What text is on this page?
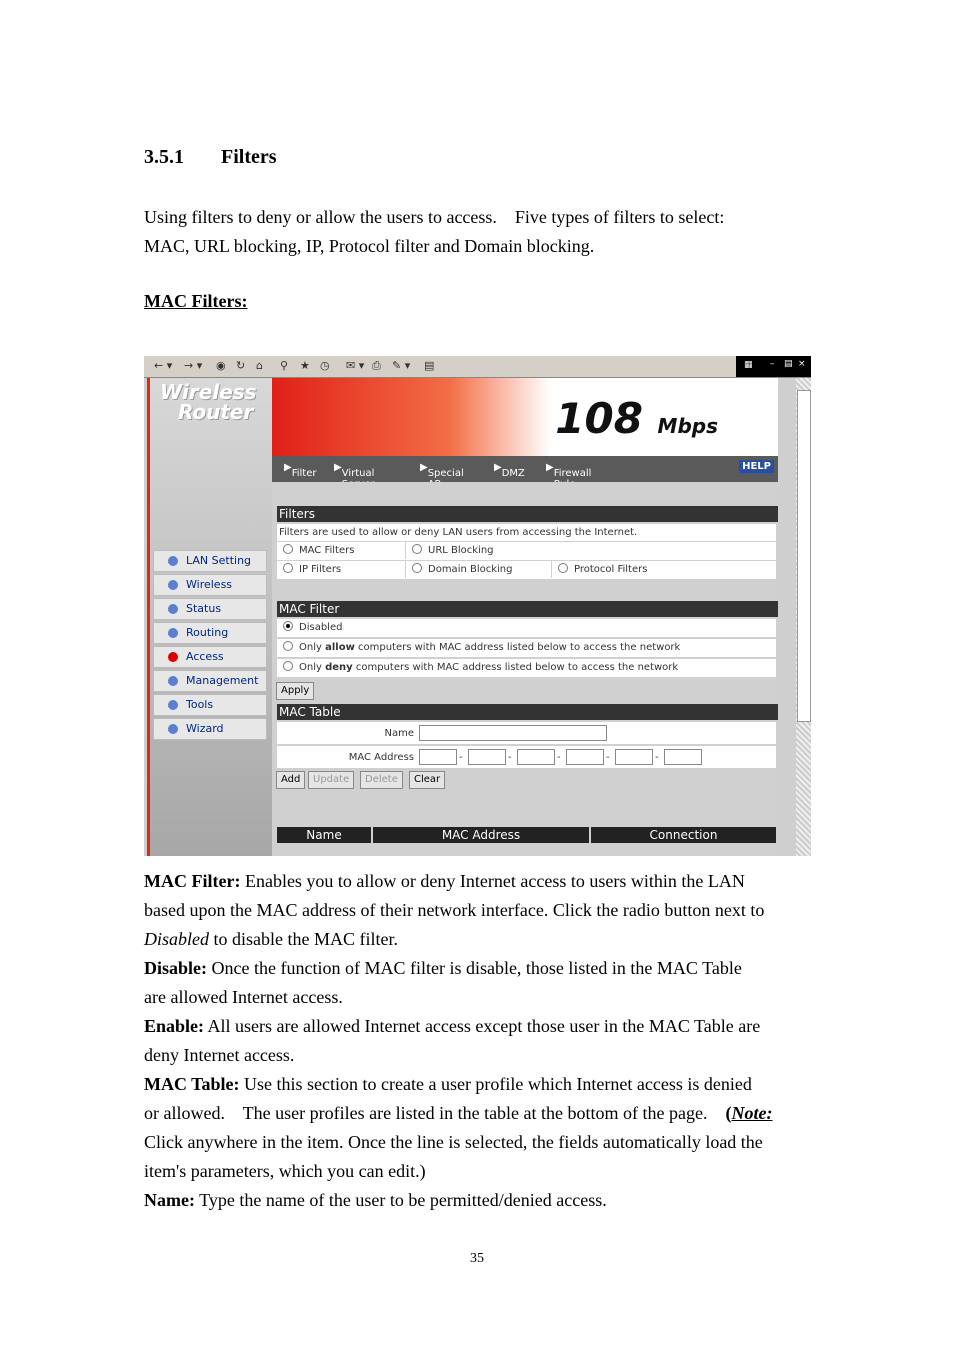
3.5.1 Filters
Using filters to deny or allow the users to access.    Five types of filters to select:
MAC, URL blocking, IP, Protocol filter and Domain blocking.
MAC Filters:
← ▾ → ▾ ◉ ↻ ⌂ ⚲ ★ ◷ ✉ ▾ ⎙ ✎ ▾ ▤	▦ – ▤ ×
Wireless
Router
LAN Setting
Wireless
Status
Routing
Access
Management
Tools
Wizard
108 Mbps
▶
Filter
▶
Virtual
▶
Special
▶
DMZ
▶
Firewall
HELP
Filters
Filters are used to allow or deny LAN users from accessing the Internet.
MAC Filters	URL Blocking
IP Filters	Domain Blocking	Protocol Filters
MAC Filter
Disabled
Only allow computers with MAC address listed below to access the network
Only deny computers with MAC address listed below to access the network
Apply
MAC Table
Name
MAC Address	-	-	-	-	-
Add	Update	Delete	Clear
Name	MAC Address	Connection

MAC Filter: Enables you to allow or deny Internet access to users within the LAN
based upon the MAC address of their network interface. Click the radio button next to
Disabled to disable the MAC filter.

Disable: Once the function of MAC filter is disable, those listed in the MAC Table
are allowed Internet access.

Enable: All users are allowed Internet access except those user in the MAC Table are
deny Internet access.

MAC Table: Use this section to create a user profile which Internet access is denied
or allowed.    The user profiles are listed in the table at the bottom of the page.    (Note:
Click anywhere in the item. Once the line is selected, the fields automatically load the
item's parameters, which you can edit.)

Name: Type the name of the user to be permitted/denied access.

35
